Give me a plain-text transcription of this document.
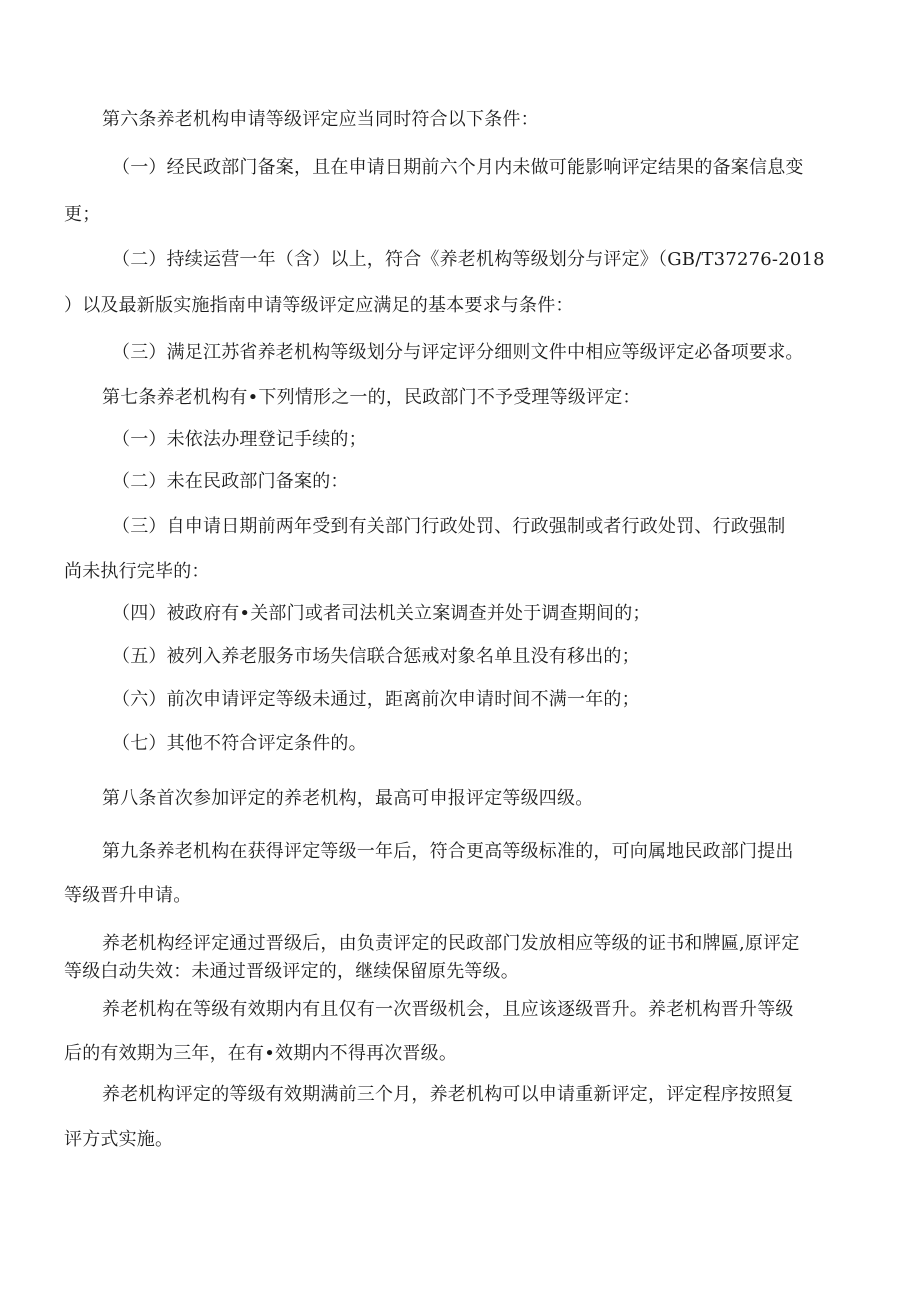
第六条养老机构申请等级评定应当同时符合以下条件：
（一）经民政部门备案，且在申请日期前六个月内未做可能影响评定结果的备案信息变
更；
（二）持续运营一年（含）以上，符合《养老机构等级划分与评定》（GB/T37276-2018
）以及最新版实施指南申请等级评定应满足的基本要求与条件：
（三）满足江苏省养老机构等级划分与评定评分细则文件中相应等级评定必备项要求。
第七条养老机构有•下列情形之一的，民政部门不予受理等级评定：
（一）未依法办理登记手续的；
（二）未在民政部门备案的：
（三）自申请日期前两年受到有关部门行政处罚、行政强制或者行政处罚、行政强制
尚未执行完毕的：
（四）被政府有•关部门或者司法机关立案调查并处于调查期间的；
（五）被列入养老服务市场失信联合惩戒对象名单且没有移出的；
（六）前次申请评定等级未通过，距离前次申请时间不满一年的；
（七）其他不符合评定条件的。
第八条首次参加评定的养老机构，最高可申报评定等级四级。
第九条养老机构在获得评定等级一年后，符合更高等级标准的，可向属地民政部门提出
等级晋升申请。
养老机构经评定通过晋级后，由负责评定的民政部门发放相应等级的证书和牌匾,原评定
等级白动失效：未通过晋级评定的，继续保留原先等级。
养老机构在等级有效期内有且仅有一次晋级机会，且应该逐级晋升。养老机构晋升等级
后的有效期为三年，在有•效期内不得再次晋级。
养老机构评定的等级有效期满前三个月，养老机构可以申请重新评定，评定程序按照复
评方式实施。
